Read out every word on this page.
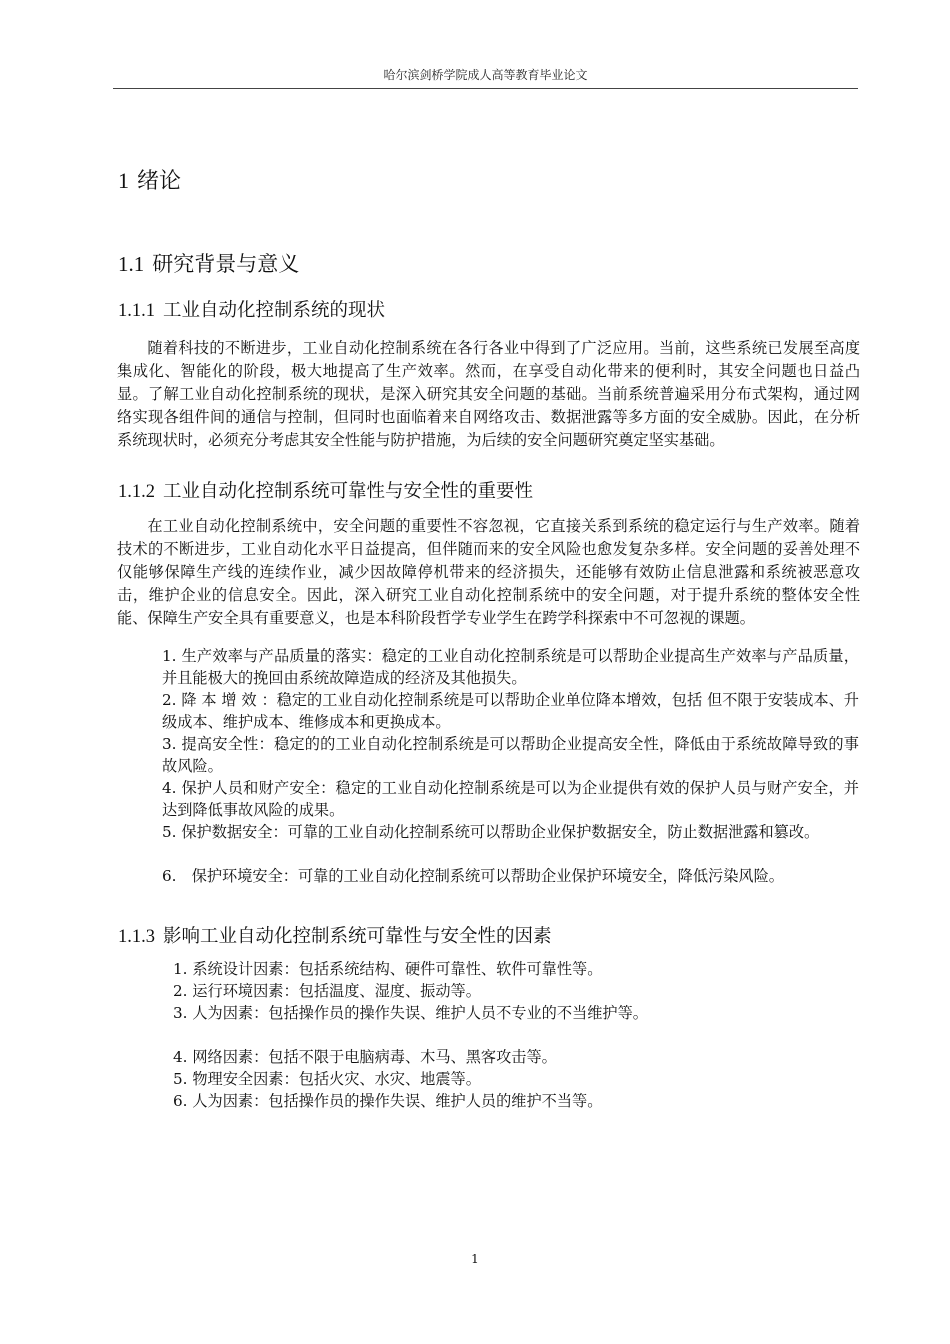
哈尔滨剑桥学院成人高等教育毕业论文
1 绪论
1.1 研究背景与意义
1.1.1 工业自动化控制系统的现状

随着科技的不断进步，工业自动化控制系统在各行各业中得到了广泛应用。当前，这些系统已发展至高度集成化、智能化的阶段，极大地提高了生产效率。然而，在享受自动化带来的便利时，其安全问题也日益凸显。了解工业自动化控制系统的现状，是深入研究其安全问题的基础。当前系统普遍采用分布式架构，通过网络实现各组件间的通信与控制，但同时也面临着来自网络攻击、数据泄露等多方面的安全威胁。因此，在分析系统现状时，必须充分考虑其安全性能与防护措施，为后续的安全问题研究奠定坚实基础。

1.1.2 工业自动化控制系统可靠性与安全性的重要性

在工业自动化控制系统中，安全问题的重要性不容忽视，它直接关系到系统的稳定运行与生产效率。随着技术的不断进步，工业自动化水平日益提高，但伴随而来的安全风险也愈发复杂多样。安全问题的妥善处理不仅能够保障生产线的连续作业，减少因故障停机带来的经济损失，还能够有效防止信息泄露和系统被恶意攻击，维护企业的信息安全。因此，深入研究工业自动化控制系统中的安全问题，对于提升系统的整体安全性能、保障生产安全具有重要意义，也是本科阶段哲学专业学生在跨学科探索中不可忽视的课题。

1. 生产效率与产品质量的落实：稳定的工业自动化控制系统是可以帮助企业提高生产效率与产品质量，并且能极大的挽回由系统故障造成的经济及其他损失。

2. 降 本 增 效 ：稳定的工业自动化控制系统是可以帮助企业单位降本增效，包括 但不限于安装成本、升级成本、维护成本、维修成本和更换成本。

3. 提高安全性：稳定的的工业自动化控制系统是可以帮助企业提高安全性，降低由于系统故障导致的事故风险。

4. 保护人员和财产安全：稳定的工业自动化控制系统是可以为企业提供有效的保护人员与财产安全，并达到降低事故风险的成果。

5. 保护数据安全：可靠的工业自动化控制系统可以帮助企业保护数据安全，防止数据泄露和篡改。

6.　保护环境安全：可靠的工业自动化控制系统可以帮助企业保护环境安全，降低污染风险。

1.1.3 影响工业自动化控制系统可靠性与安全性的因素

1. 系统设计因素：包括系统结构、硬件可靠性、软件可靠性等。

2. 运行环境因素：包括温度、湿度、振动等。

3. 人为因素：包括操作员的操作失误、维护人员不专业的不当维护等。

4. 网络因素：包括不限于电脑病毒、木马、黑客攻击等。

5. 物理安全因素：包括火灾、水灾、地震等。

6. 人为因素：包括操作员的操作失误、维护人员的维护不当等。

1
